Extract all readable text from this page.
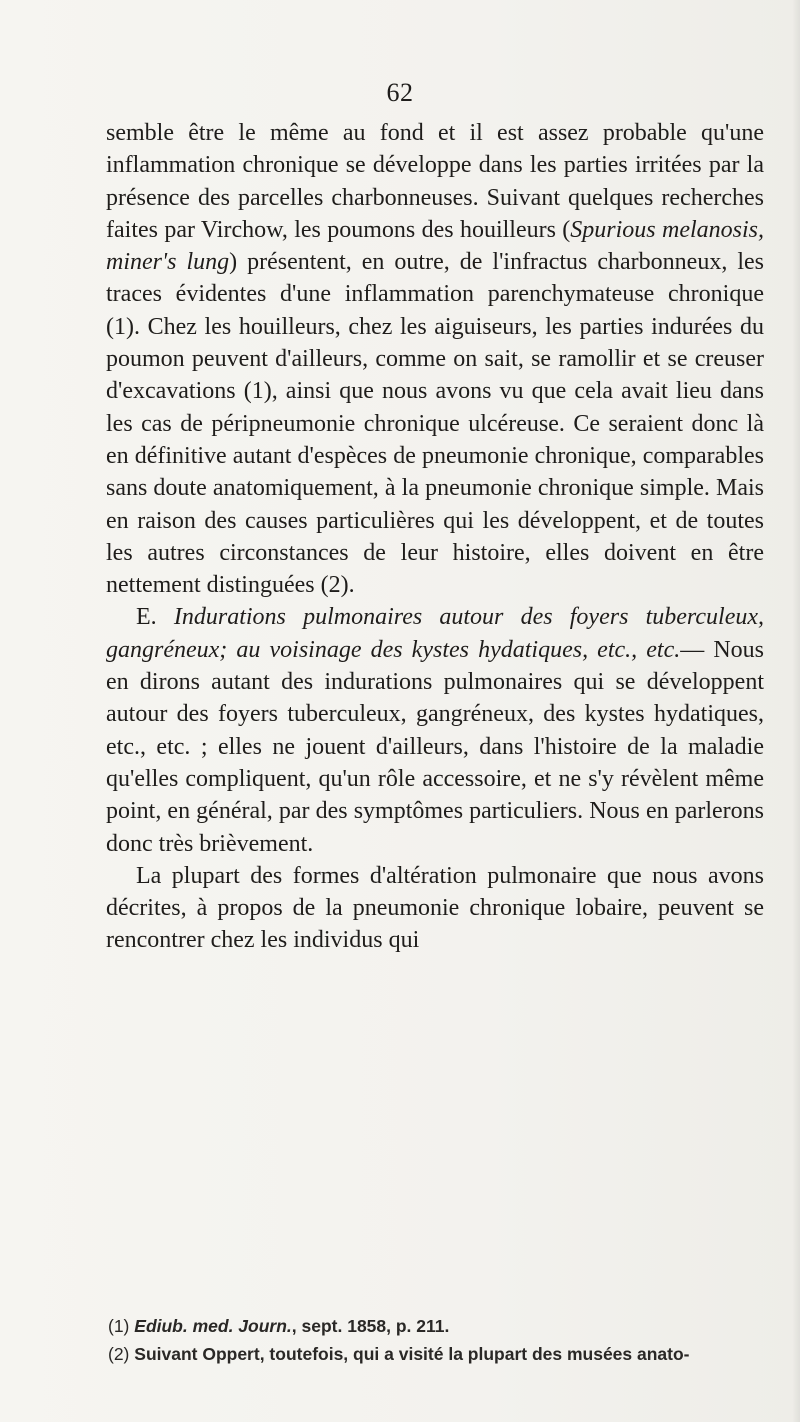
62

semble être le même au fond et il est assez probable qu'une inflammation chronique se développe dans les parties irritées par la présence des parcelles charbonneuses. Suivant quelques recherches faites par Virchow, les poumons des houilleurs (Spurious melanosis, miner's lung) présentent, en outre, de l'infractus charbonneux, les traces évidentes d'une inflammation parenchymateuse chronique (1). Chez les houilleurs, chez les aiguiseurs, les parties indurées du poumon peuvent d'ailleurs, comme on sait, se ramollir et se creuser d'excavations (1), ainsi que nous avons vu que cela avait lieu dans les cas de péripneumonie chronique ulcéreuse. Ce seraient donc là en définitive autant d'espèces de pneumonie chronique, comparables sans doute anatomiquement, à la pneumonie chronique simple. Mais en raison des causes particulières qui les développent, et de toutes les autres circonstances de leur histoire, elles doivent en être nettement distinguées (2).

E. Indurations pulmonaires autour des foyers tuberculeux, gangréneux; au voisinage des kystes hydatiques, etc., etc.— Nous en dirons autant des indurations pulmonaires qui se développent autour des foyers tuberculeux, gangréneux, des kystes hydatiques, etc., etc. ; elles ne jouent d'ailleurs, dans l'histoire de la maladie qu'elles compliquent, qu'un rôle accessoire, et ne s'y révèlent même point, en général, par des symptômes particuliers. Nous en parlerons donc très brièvement.

La plupart des formes d'altération pulmonaire que nous avons décrites, à propos de la pneumonie chronique lobaire, peuvent se rencontrer chez les individus qui

(1) Ediub. med. Journ., sept. 1858, p. 211.

(2) Suivant Oppert, toutefois, qui a visité la plupart des musées anato-
